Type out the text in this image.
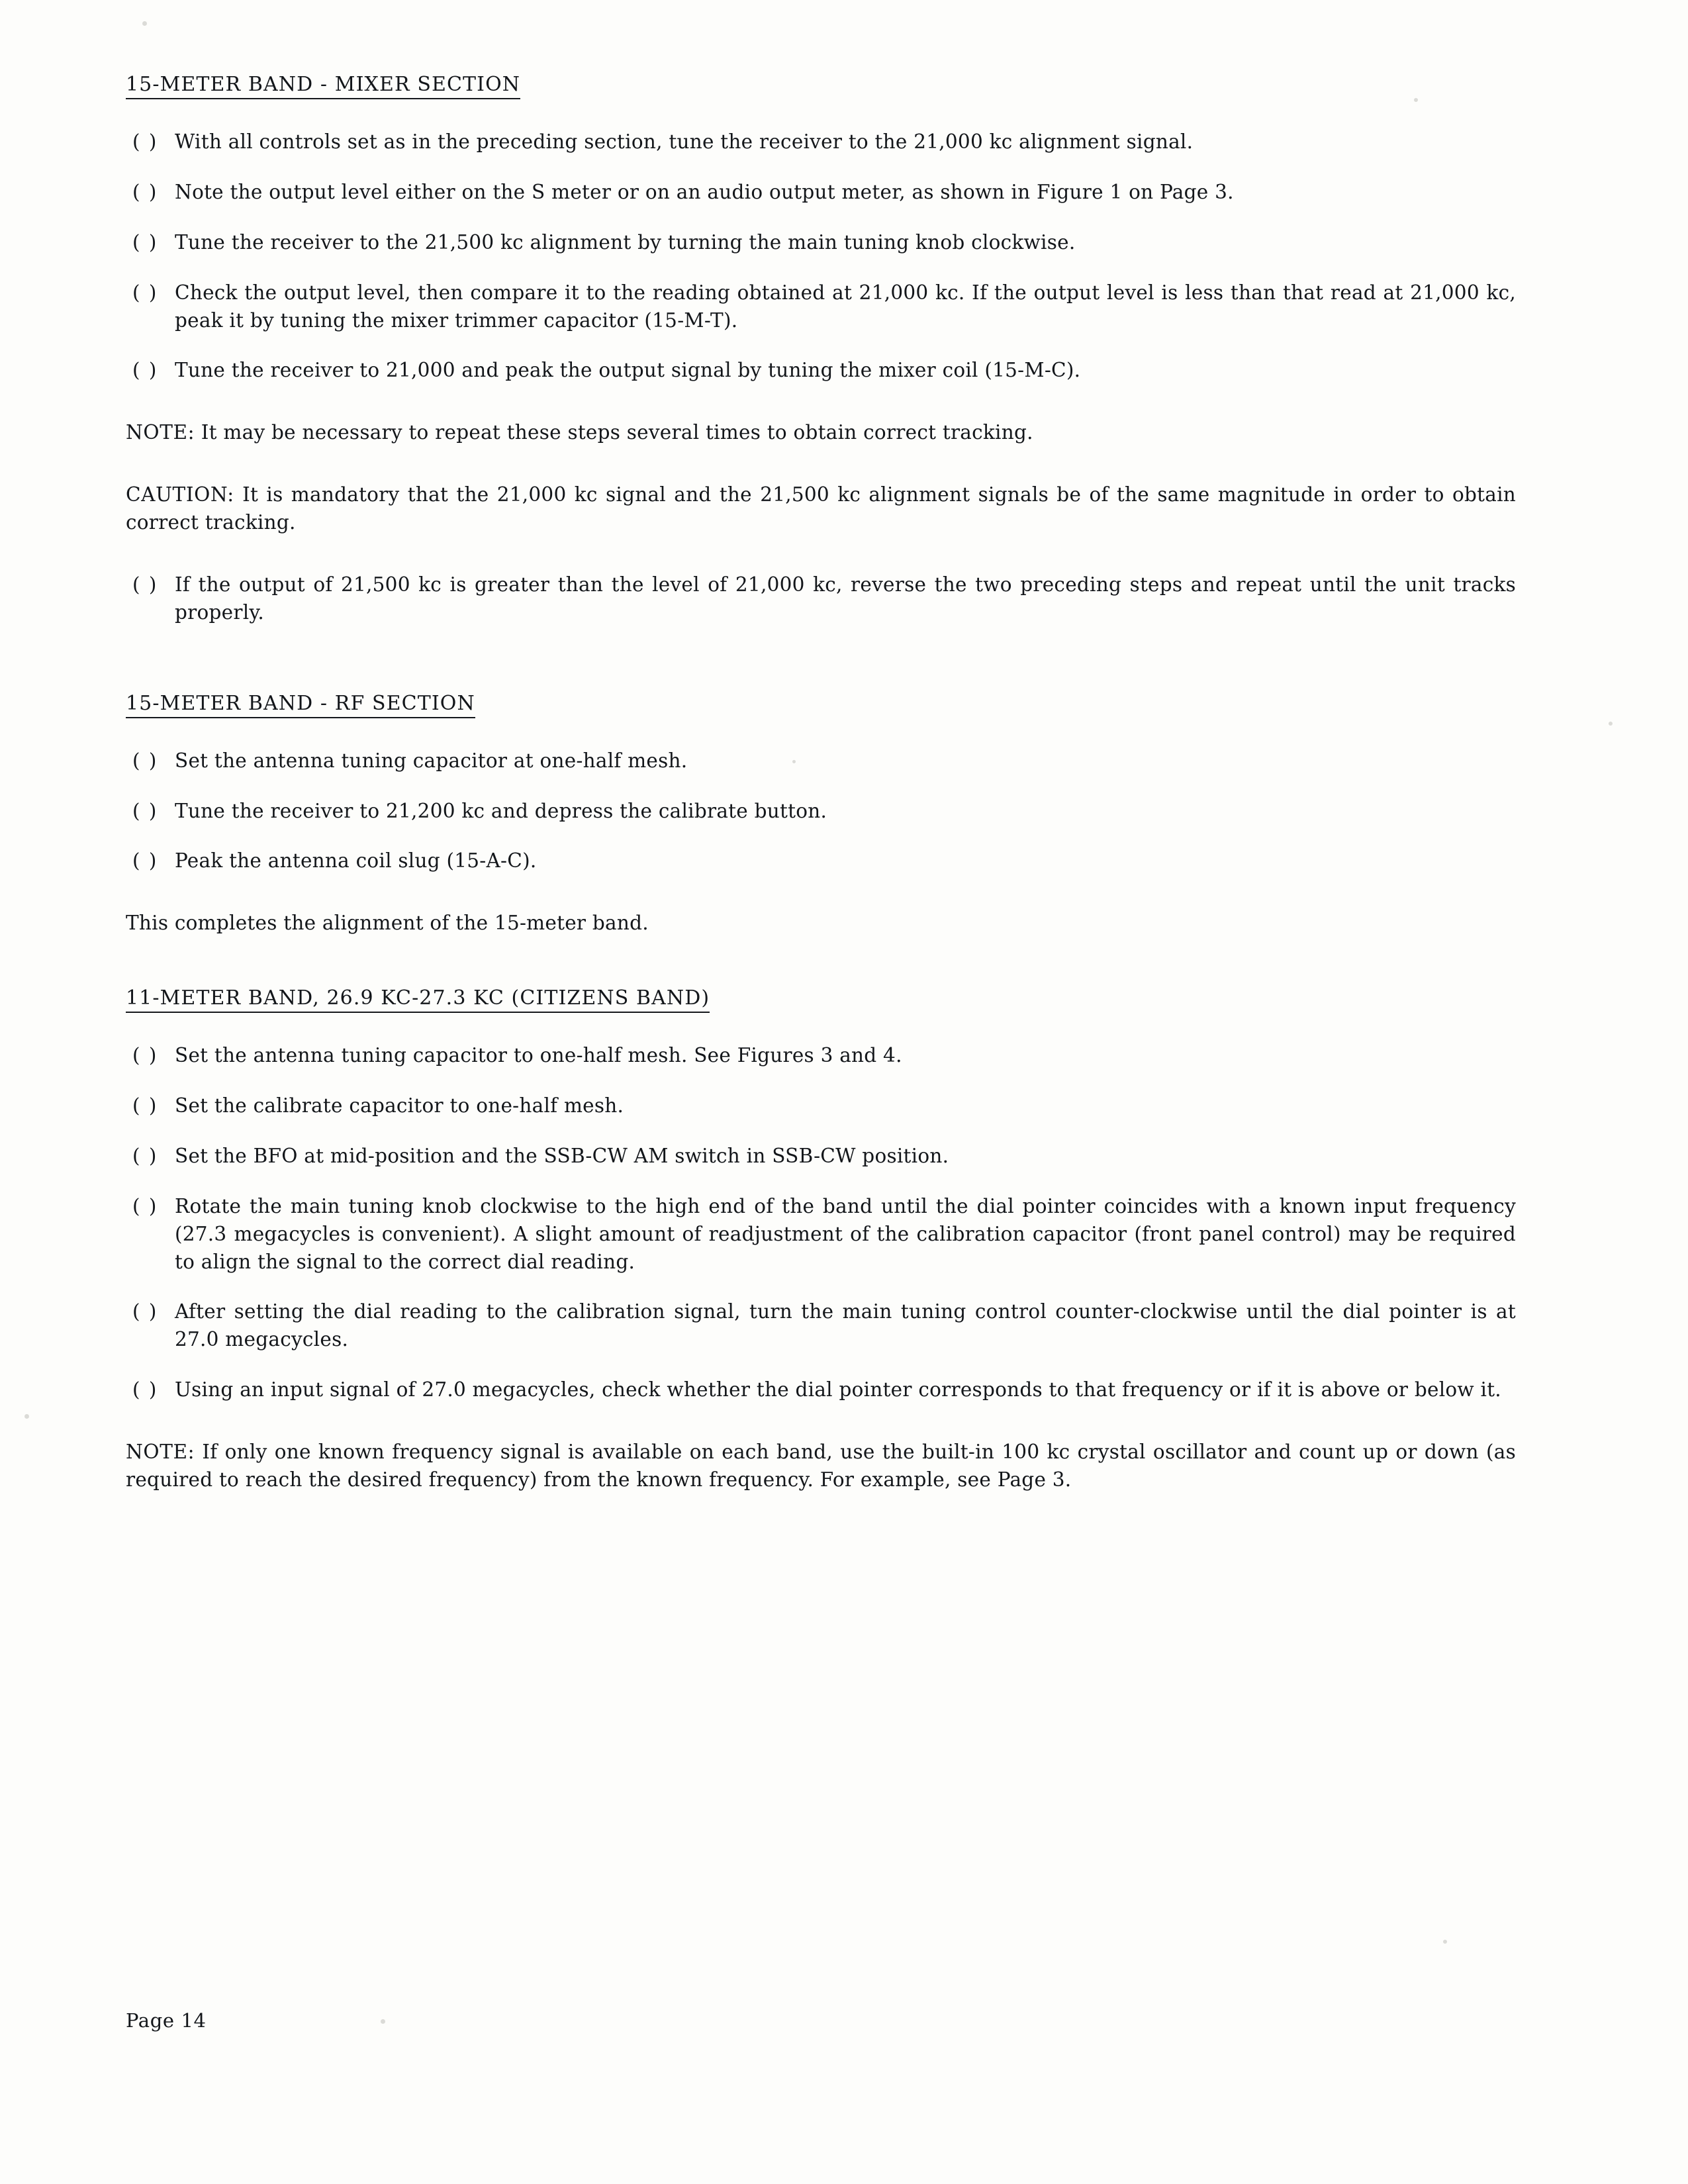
15-METER BAND - MIXER SECTION
( ) With all controls set as in the preceding section, tune the receiver to the 21,000 kc alignment signal.
( ) Note the output level either on the S meter or on an audio output meter, as shown in Figure 1 on Page 3.
( ) Tune the receiver to the 21,500 kc alignment by turning the main tuning knob clockwise.
( ) Check the output level, then compare it to the reading obtained at 21,000 kc. If the output level is less than that read at 21,000 kc, peak it by tuning the mixer trimmer capacitor (15-M-T).
( ) Tune the receiver to 21,000 and peak the output signal by tuning the mixer coil (15-M-C).
NOTE: It may be necessary to repeat these steps several times to obtain correct tracking.
CAUTION: It is mandatory that the 21,000 kc signal and the 21,500 kc alignment signals be of the same magnitude in order to obtain correct tracking.
( ) If the output of 21,500 kc is greater than the level of 21,000 kc, reverse the two preceding steps and repeat until the unit tracks properly.
15-METER BAND - RF SECTION
( ) Set the antenna tuning capacitor at one-half mesh.
( ) Tune the receiver to 21,200 kc and depress the calibrate button.
( ) Peak the antenna coil slug (15-A-C).
This completes the alignment of the 15-meter band.
11-METER BAND, 26.9 KC-27.3 KC (CITIZENS BAND)
( ) Set the antenna tuning capacitor to one-half mesh. See Figures 3 and 4.
( ) Set the calibrate capacitor to one-half mesh.
( ) Set the BFO at mid-position and the SSB-CW AM switch in SSB-CW position.
( ) Rotate the main tuning knob clockwise to the high end of the band until the dial pointer coincides with a known input frequency (27.3 megacycles is convenient). A slight amount of readjustment of the calibration capacitor (front panel control) may be required to align the signal to the correct dial reading.
( ) After setting the dial reading to the calibration signal, turn the main tuning control counter-clockwise until the dial pointer is at 27.0 megacycles.
( ) Using an input signal of 27.0 megacycles, check whether the dial pointer corresponds to that frequency or if it is above or below it.
NOTE: If only one known frequency signal is available on each band, use the built-in 100 kc crystal oscillator and count up or down (as required to reach the desired frequency) from the known frequency. For example, see Page 3.
Page 14
